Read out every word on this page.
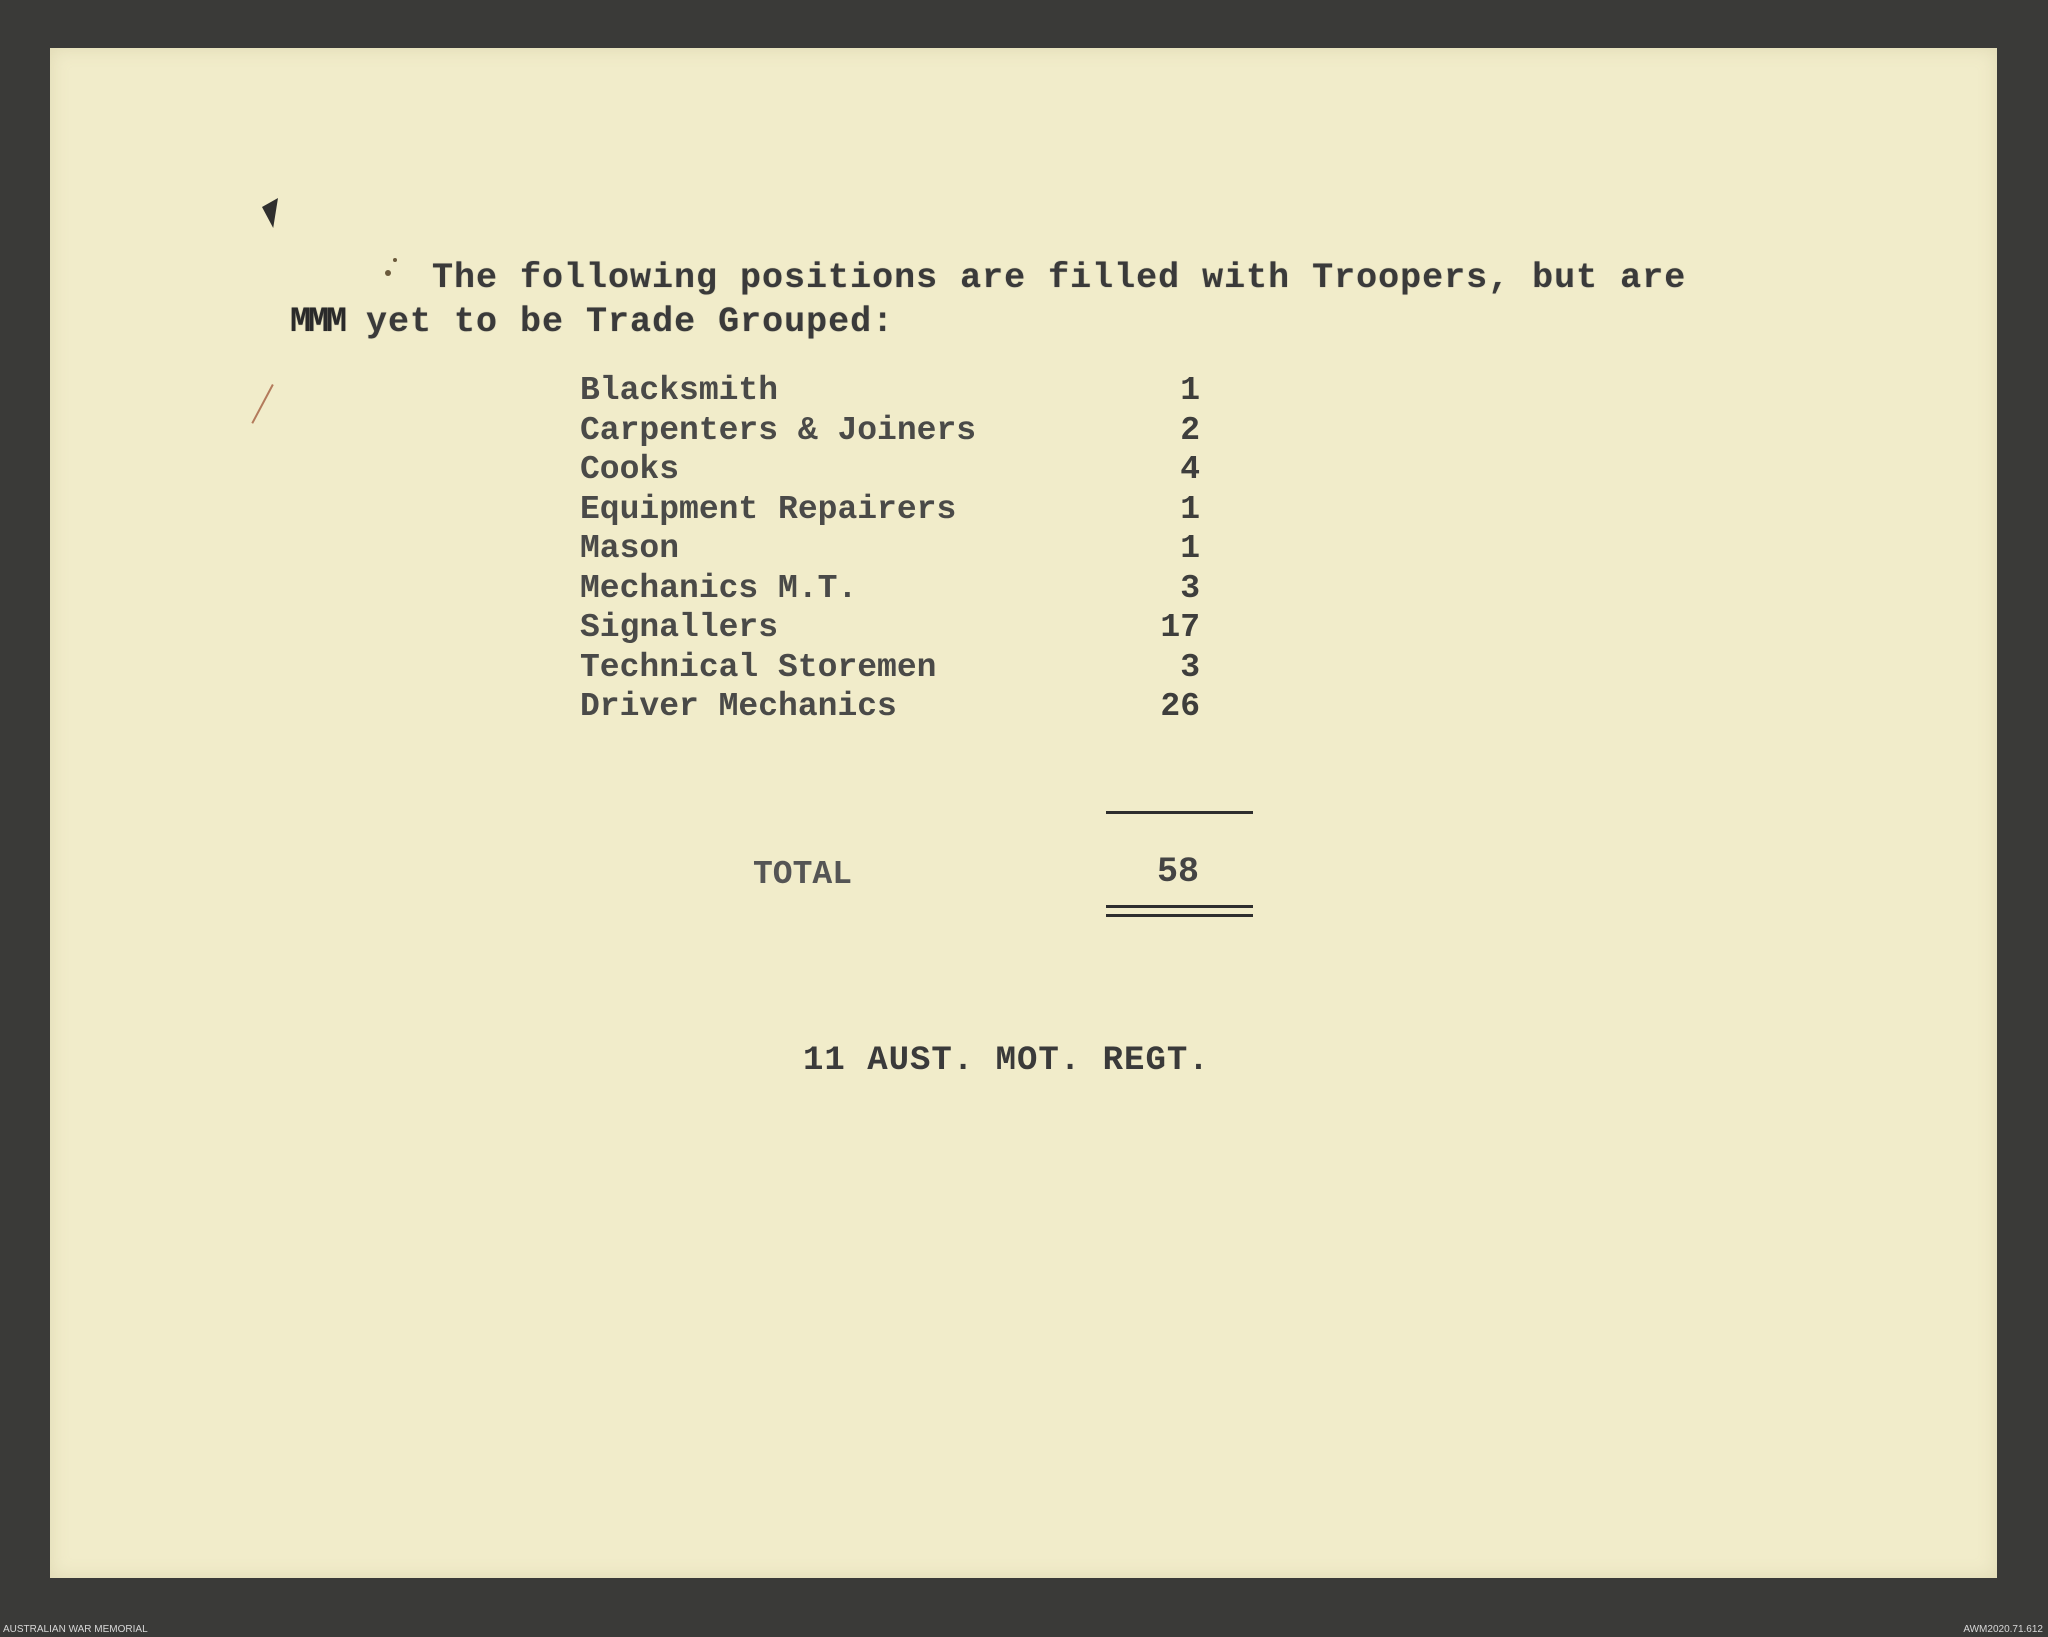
The following positions are filled with Troopers, but are
MMM yet to be Trade Grouped:
Blacksmith	1
Carpenters & Joiners	2
Cooks	4
Equipment Repairers	1
Mason	1
Mechanics M.T.	3
Signallers	17
Technical Storemen	3
Driver Mechanics	26
TOTAL	58
11 AUST. MOT. REGT.
AUSTRALIAN WAR MEMORIAL	AWM2020.71.612
